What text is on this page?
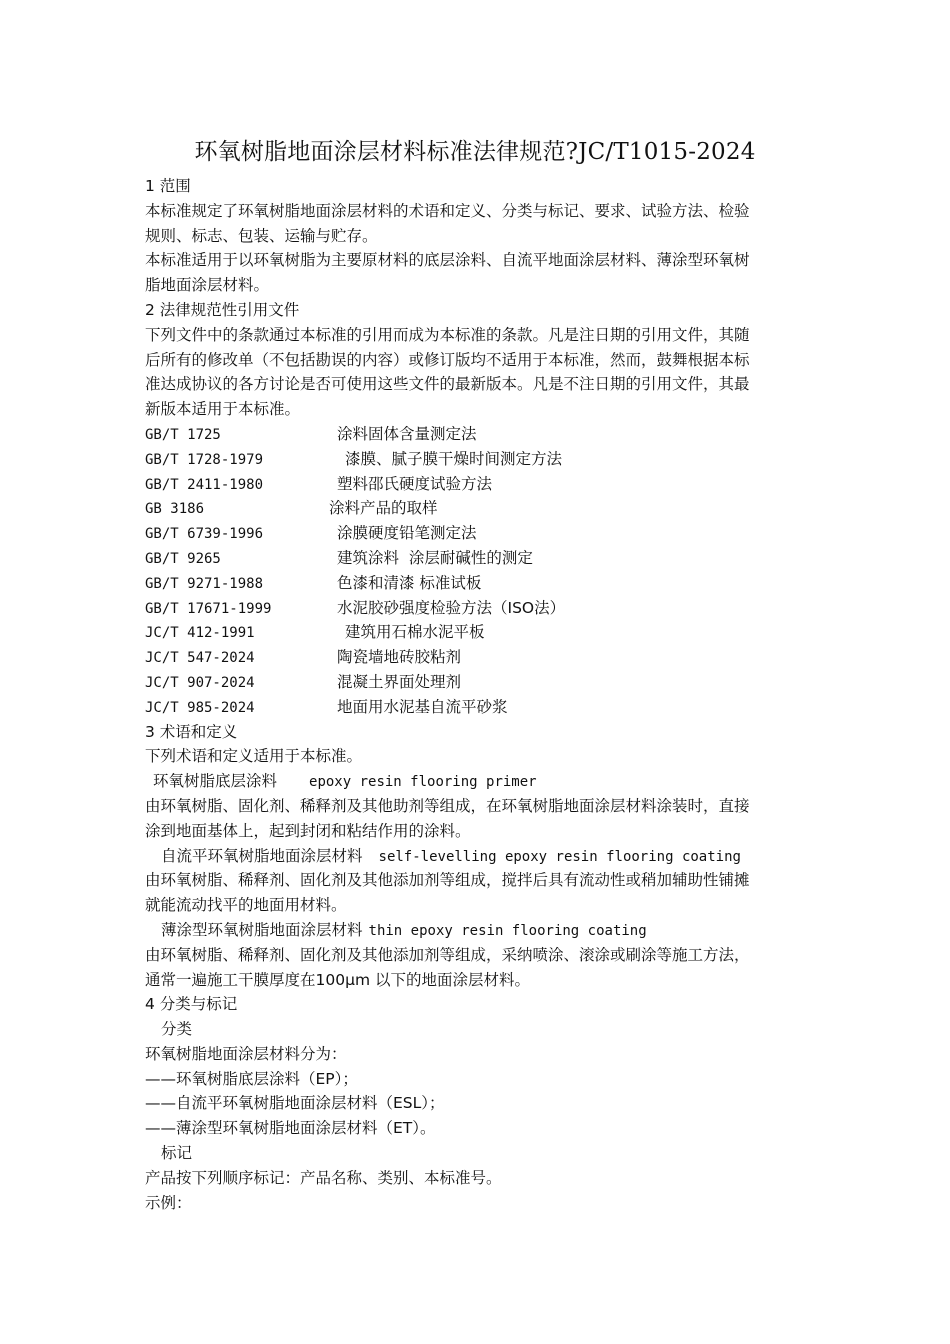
环氧树脂地面涂层材料标准法律规范?JC/T1015-2024
1 范围
本标准规定了环氧树脂地面涂层材料的术语和定义、分类与标记、要求、试验方法、检验
规则、标志、包装、运输与贮存。
本标准适用于以环氧树脂为主要原材料的底层涂料、自流平地面涂层材料、薄涂型环氧树
脂地面涂层材料。
2 法律规范性引用文件
下列文件中的条款通过本标准的引用而成为本标准的条款。凡是注日期的引用文件，其随
后所有的修改单（不包括勘误的内容）或修订版均不适用于本标准，然而，鼓舞根据本标
准达成协议的各方讨论是否可使用这些文件的最新版本。凡是不注日期的引用文件，其最
新版本适用于本标准。
GB/T 1725	涂料固体含量测定法
GB/T 1728-1979	漆膜、腻子膜干燥时间测定方法
GB/T 2411-1980	塑料邵氏硬度试验方法
GB 3186	涂料产品的取样
GB/T 6739-1996	涂膜硬度铅笔测定法
GB/T 9265	建筑涂料  涂层耐碱性的测定
GB/T 9271-1988	色漆和清漆 标准试板
GB/T 17671-1999	水泥胶砂强度检验方法（ISO法）
JC/T 412-1991	建筑用石棉水泥平板
JC/T 547-2024	陶瓷墙地砖胶粘剂
JC/T 907-2024	混凝土界面处理剂
JC/T 985-2024	地面用水泥基自流平砂浆
3 术语和定义
下列术语和定义适用于本标准。
环氧树脂底层涂料 epoxy resin flooring primer
由环氧树脂、固化剂、稀释剂及其他助剂等组成，在环氧树脂地面涂层材料涂装时，直接
涂到地面基体上，起到封闭和粘结作用的涂料。
自流平环氧树脂地面涂层材料 self-levelling epoxy resin flooring coating
由环氧树脂、稀释剂、固化剂及其他添加剂等组成，搅拌后具有流动性或稍加辅助性铺摊
就能流动找平的地面用材料。
薄涂型环氧树脂地面涂层材料 thin epoxy resin flooring coating
由环氧树脂、稀释剂、固化剂及其他添加剂等组成，采纳喷涂、滚涂或刷涂等施工方法，
通常一遍施工干膜厚度在100μm 以下的地面涂层材料。
4 分类与标记
分类
环氧树脂地面涂层材料分为：
——环氧树脂底层涂料（EP）；
——自流平环氧树脂地面涂层材料（ESL）；
——薄涂型环氧树脂地面涂层材料（ET）。
标记
产品按下列顺序标记：产品名称、类别、本标准号。
示例：
